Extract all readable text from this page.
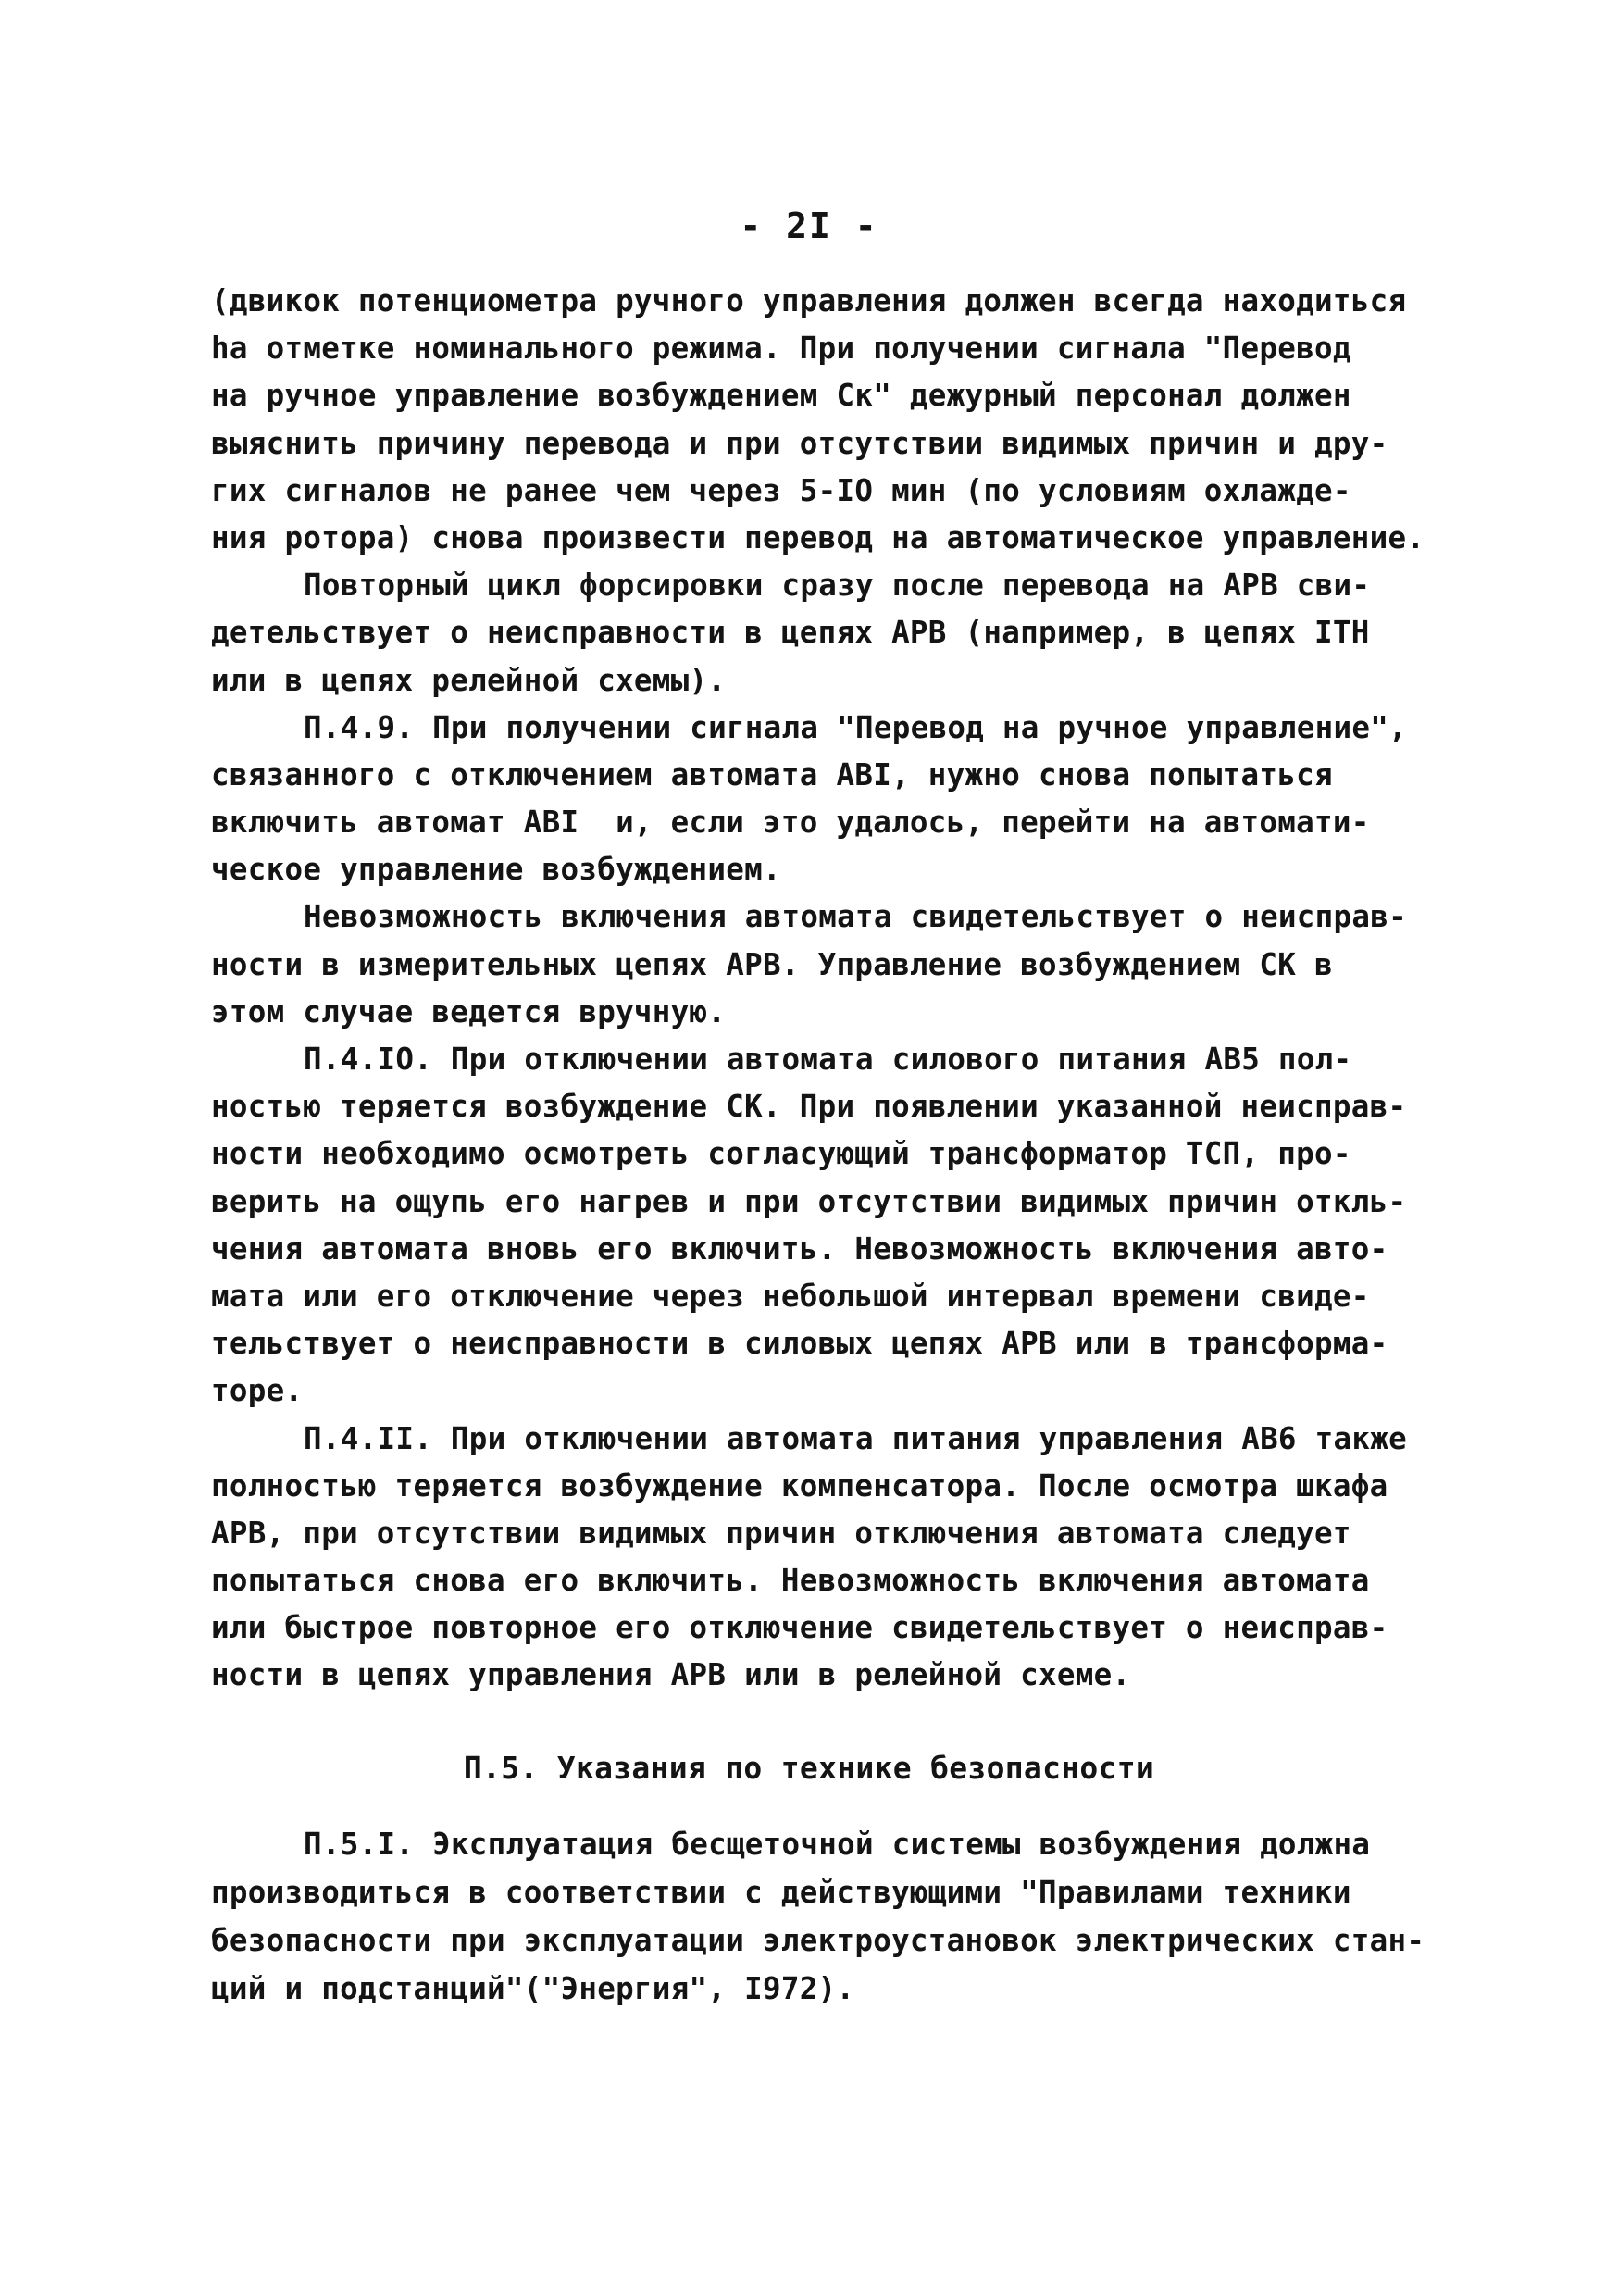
- 2I -
(двикок потенциометра ручного управления должен всегда находиться
ha отметке номинального режима. При получении сигнала "Перевод
на ручное управление возбуждением Ск" дежурный персонал должен
выяснить причину перевода и при отсутствии видимых причин и дру-
гих сигналов не ранее чем через 5-IO мин (по условиям охлажде-
ния ротора) снова произвести перевод на автоматическое управление.
Повторный цикл форсировки сразу после перевода на АРВ сви-
детельствует о неисправности в цепях АРВ (например, в цепях ITH
или в цепях релейной схемы).
П.4.9. При получении сигнала "Перевод на ручное управление",
связанного с отключением автомата ABI, нужно снова попытаться
включить автомат ABI  и, если это удалось, перейти на автомати-
ческое управление возбуждением.
Невозможность включения автомата свидетельствует о неисправ-
ности в измерительных цепях АРВ. Управление возбуждением СК в
этом случае ведется вручную.
П.4.IO. При отключении автомата силового питания AB5 пол-
ностью теряется возбуждение СК. При появлении указанной неисправ-
ности необходимо осмотреть согласующий трансформатор ТСП, про-
верить на ощупь его нагрев и при отсутствии видимых причин откль-
чения автомата вновь его включить. Невозможность включения авто-
мата или его отключение через небольшой интервал времени свиде-
тельствует о неисправности в силовых цепях АРВ или в трансформа-
торе.
П.4.II. При отключении автомата питания управления AB6 также
полностью теряется возбуждение компенсатора. После осмотра шкафа
АРВ, при отсутствии видимых причин отключения автомата следует
попытаться снова его включить. Невозможность включения автомата
или быстрое повторное его отключение свидетельствует о неисправ-
ности в цепях управления АРВ или в релейной схеме.
П.5. Указания по технике безопасности
П.5.I. Эксплуатация бесщеточной системы возбуждения должна
производиться в соответствии с действующими "Правилами техники
безопасности при эксплуатации электроустановок электрических стан-
ций и подстанций"("Энергия", I972).
